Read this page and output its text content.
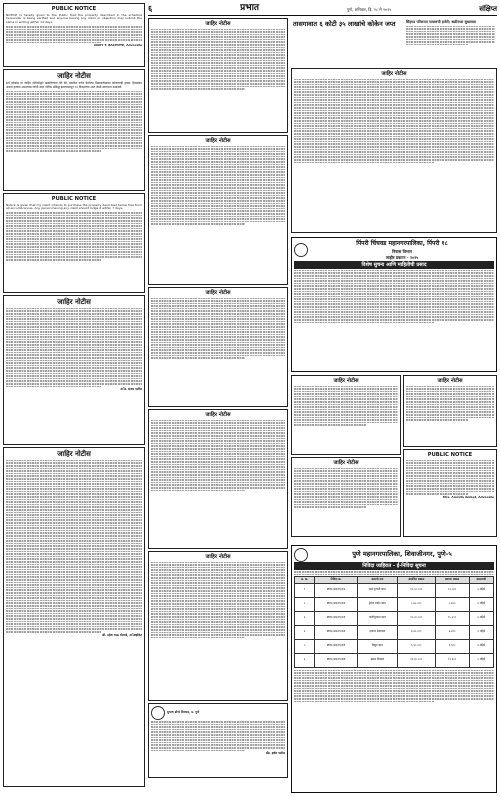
६	प्रभात	पुणे, शनिवार, दि. २८ मे २०२५	संक्षिप्त
PUBLIC NOTICE
NOTICE is hereby given to the Public that the property described in the schedule hereunder is being verified and anyone having any claim or objection may submit the same in writing within 14 days.
NAVY T. BACHUTE, Advocate
जाहिर नोटीस
सर्व लोकांस या जाहिर नोटीसीद्वारे कळविण्यात येते की, खालील वर्णन केलेल्या मिळकतीबाबत कोणाचाही हक्क, हितसंबंध अथवा हरकत असल्यास त्यांनी सदर नोटीस प्रसिद्ध झाल्यापासून १४ दिवसांच्या आत लेखी स्वरूपात कळवावे.
PUBLIC NOTICE
Notice is given that my client intends to purchase the property described below free from all encumbrances. Any person having any claim should lodge it within 7 days.
जाहिर नोटीस
अॅड. संजय पाटील
जाहिर नोटीस
श्री. महेश भाऊ घोरपडे, अॅडव्होकेट
जाहिर नोटीस
जाहिर नोटीस
जाहिर नोटीस
जाहिर नोटीस
जाहिर नोटीस
सुभाष डोंगरे विश्वास, प्र. पुणे
ॲड. हर्षल पाटील
तासगावात ६ कोटी ३५ लाखांचे कोकेन जप्त
जाहिर नोटीस
सिंहगड परिसरात पावसाची हजेरी; बळीराजा सुखावला
पिंपरी चिंचवड महानगरपालिका, पिंपरी १८
निवास विभाग
जाहीर प्रकटन - २०२५
विशेष सुचना आणि माहितीची प्रसाद
जाहिर नोटीस
जाहिर नोटीस
जाहिर नोटीस
PUBLIC NOTICE
Mrs. Amruta Ambet, Advocate
पुणे महानगरपालिका, शिवाजीनगर, पुणे-५
निविदा जाहिरात - ई-निविदा सूचना
अ. क्र.	निविदा क्र.	कामाचे नाव	अंदाजित रक्कम	बयाणा रक्कम	कालावधी
१	PMC/2025/01	रस्ते दुरुस्ती काम	१२,५०,०००	१२,५००	६ महिने
२	PMC/2025/02	ड्रेनेज लाईन काम	८,७५,०००	८,७५०	४ महिने
३	PMC/2025/03	पाणीपुरवठा काम	१५,२०,०००	१५,२००	६ महिने
४	PMC/2025/04	इमारत देखभाल	६,४०,०००	६,४००	३ महिने
५	PMC/2025/05	विद्युत काम	९,९०,०००	९,९००	४ महिने
६	PMC/2025/06	उद्यान विकास	११,३०,०००	११,३००	५ महिने
